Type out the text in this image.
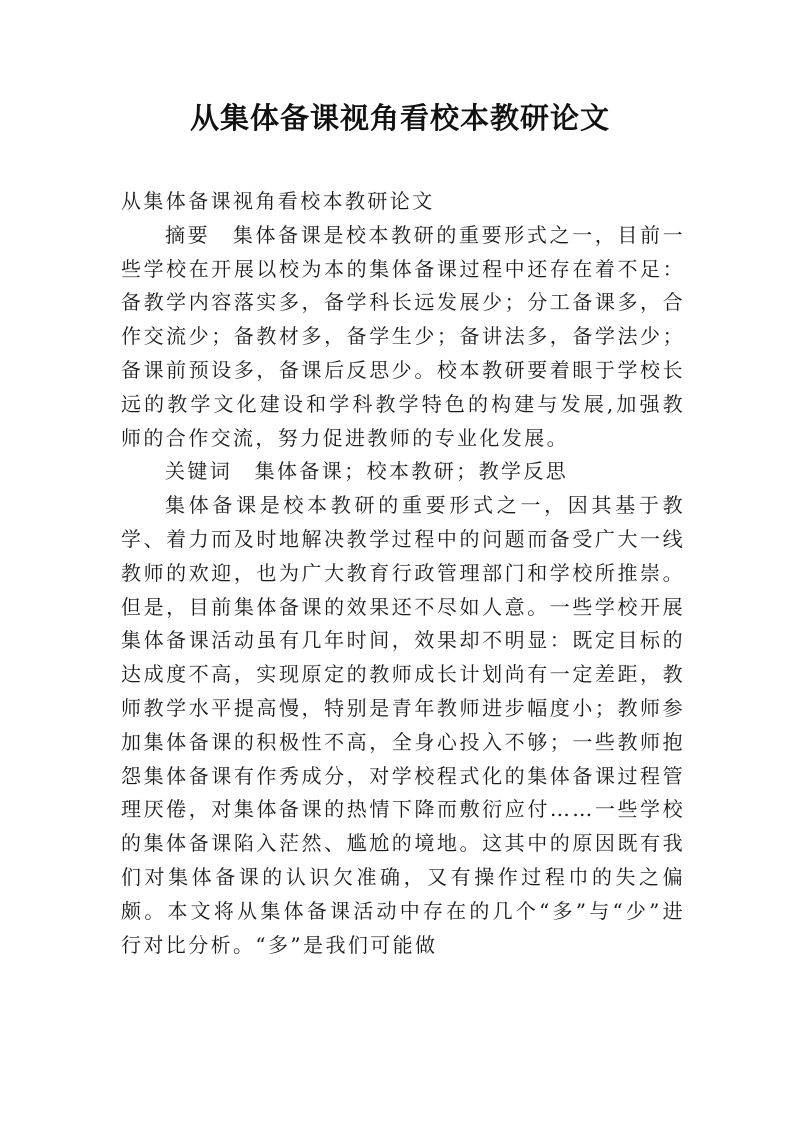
从集体备课视角看校本教研论文

从集体备课视角看校本教研论文

摘要　集体备课是校本教研的重要形式之一，目前一些学校在开展以校为本的集体备课过程中还存在着不足：备教学内容落实多，备学科长远发展少；分工备课多，合作交流少；备教材多，备学生少；备讲法多，备学法少；备课前预设多，备课后反思少。校本教研要着眼于学校长远的教学文化建设和学科教学特色的构建与发展,加强教师的合作交流，努力促进教师的专业化发展。

关键词　集体备课；校本教研；教学反思

集体备课是校本教研的重要形式之一，因其基于教学、着力而及时地解决教学过程中的问题而备受广大一线教师的欢迎，也为广大教育行政管理部门和学校所推崇。但是，目前集体备课的效果还不尽如人意。一些学校开展集体备课活动虽有几年时间，效果却不明显：既定目标的达成度不高，实现原定的教师成长计划尚有一定差距，教师教学水平提高慢，特别是青年教师进步幅度小；教师参加集体备课的积极性不高，全身心投入不够；一些教师抱怨集体备课有作秀成分，对学校程式化的集体备课过程管理厌倦，对集体备课的热情下降而敷衍应付……一些学校的集体备课陷入茫然、尴尬的境地。这其中的原因既有我们对集体备课的认识欠准确，又有操作过程巾的失之偏颇。本文将从集体备课活动中存在的几个“多”与“少”进行对比分析。“多”是我们可能做
